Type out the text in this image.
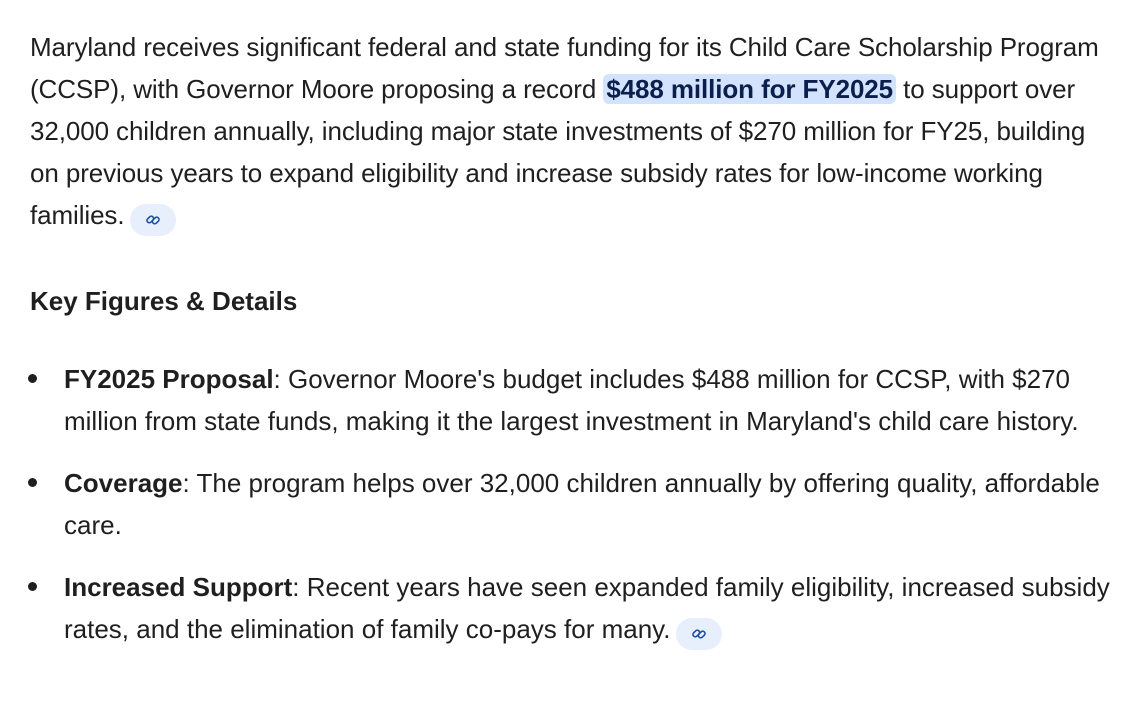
Maryland receives significant federal and state funding for its Child Care Scholarship Program (CCSP), with Governor Moore proposing a record $488 million for FY2025 to support over 32,000 children annually, including major state investments of $270 million for FY25, building on previous years to expand eligibility and increase subsidy rates for low-income working families.

Key Figures & Details
FY2025 Proposal: Governor Moore's budget includes $488 million for CCSP, with $270 million from state funds, making it the largest investment in Maryland's child care history.
Coverage: The program helps over 32,000 children annually by offering quality, affordable care.
Increased Support: Recent years have seen expanded family eligibility, increased subsidy rates, and the elimination of family co-pays for many.
